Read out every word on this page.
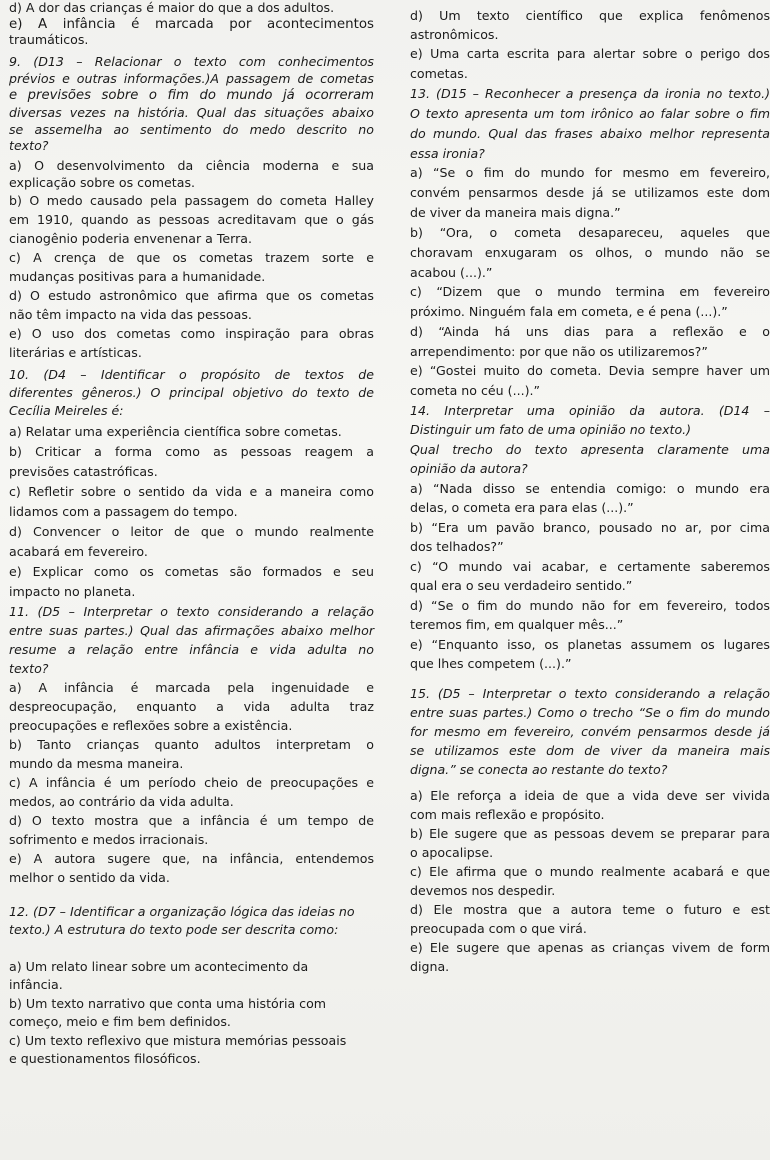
d) A dor das crianças é maior do que a dos adultos.
e) A infância é marcada por acontecimentos
traumáticos.
9. (D13 – Relacionar o texto com conhecimentos
prévios e outras informações.)A passagem de cometas
e previsões sobre o fim do mundo já ocorreram
diversas vezes na história. Qual das situações abaixo
se assemelha ao sentimento do medo descrito no
texto?
a) O desenvolvimento da ciência moderna e sua
explicação sobre os cometas.
b) O medo causado pela passagem do cometa Halley
em 1910, quando as pessoas acreditavam que o gás
cianogênio poderia envenenar a Terra.
c) A crença de que os cometas trazem sorte e
mudanças positivas para a humanidade.
d) O estudo astronômico que afirma que os cometas
não têm impacto na vida das pessoas.
e) O uso dos cometas como inspiração para obras
literárias e artísticas.
10. (D4 – Identificar o propósito de textos de
diferentes gêneros.) O principal objetivo do texto de
Cecília Meireles é:
a) Relatar uma experiência científica sobre cometas.
b) Criticar a forma como as pessoas reagem a
previsões catastróficas.
c) Refletir sobre o sentido da vida e a maneira como
lidamos com a passagem do tempo.
d) Convencer o leitor de que o mundo realmente
acabará em fevereiro.
e) Explicar como os cometas são formados e seu
impacto no planeta.
11. (D5 – Interpretar o texto considerando a relação
entre suas partes.) Qual das afirmações abaixo melhor
resume a relação entre infância e vida adulta no
texto?
a) A infância é marcada pela ingenuidade e
despreocupação, enquanto a vida adulta traz
preocupações e reflexões sobre a existência.
b) Tanto crianças quanto adultos interpretam o
mundo da mesma maneira.
c) A infância é um período cheio de preocupações e
medos, ao contrário da vida adulta.
d) O texto mostra que a infância é um tempo de
sofrimento e medos irracionais.
e) A autora sugere que, na infância, entendemos
melhor o sentido da vida.
12. (D7 – Identificar a organização lógica das ideias no
texto.) A estrutura do texto pode ser descrita como:
a) Um relato linear sobre um acontecimento da
infância.
b) Um texto narrativo que conta uma história com
começo, meio e fim bem definidos.
c) Um texto reflexivo que mistura memórias pessoais
e questionamentos filosóficos.
d) Um texto científico que explica fenômenos
astronômicos.
e) Uma carta escrita para alertar sobre o perigo dos
cometas.
13. (D15 – Reconhecer a presença da ironia no texto.)
O texto apresenta um tom irônico ao falar sobre o fim
do mundo. Qual das frases abaixo melhor representa
essa ironia?
a) “Se o fim do mundo for mesmo em fevereiro,
convém pensarmos desde já se utilizamos este dom
de viver da maneira mais digna.”
b) “Ora, o cometa desapareceu, aqueles que
choravam enxugaram os olhos, o mundo não se
acabou (...).”
c) “Dizem que o mundo termina em fevereiro
próximo. Ninguém fala em cometa, e é pena (...).”
d) “Ainda há uns dias para a reflexão e o
arrependimento: por que não os utilizaremos?”
e) “Gostei muito do cometa. Devia sempre haver um
cometa no céu (...).”
14. Interpretar uma opinião da autora. (D14 –
Distinguir um fato de uma opinião no texto.)
Qual trecho do texto apresenta claramente uma
opinião da autora?
a) “Nada disso se entendia comigo: o mundo era
delas, o cometa era para elas (...).”
b) “Era um pavão branco, pousado no ar, por cima
dos telhados?”
c) “O mundo vai acabar, e certamente saberemos
qual era o seu verdadeiro sentido.”
d) “Se o fim do mundo não for em fevereiro, todos
teremos fim, em qualquer mês...”
e) “Enquanto isso, os planetas assumem os lugares
que lhes competem (...).”
15. (D5 – Interpretar o texto considerando a relação
entre suas partes.) Como o trecho “Se o fim do mundo
for mesmo em fevereiro, convém pensarmos desde já
se utilizamos este dom de viver da maneira mais
digna.” se conecta ao restante do texto?
a) Ele reforça a ideia de que a vida deve ser vivida
com mais reflexão e propósito.
b) Ele sugere que as pessoas devem se preparar para
o apocalipse.
c) Ele afirma que o mundo realmente acabará e que
devemos nos despedir.
d) Ele mostra que a autora teme o futuro e est
preocupada com o que virá.
e) Ele sugere que apenas as crianças vivem de form
digna.
